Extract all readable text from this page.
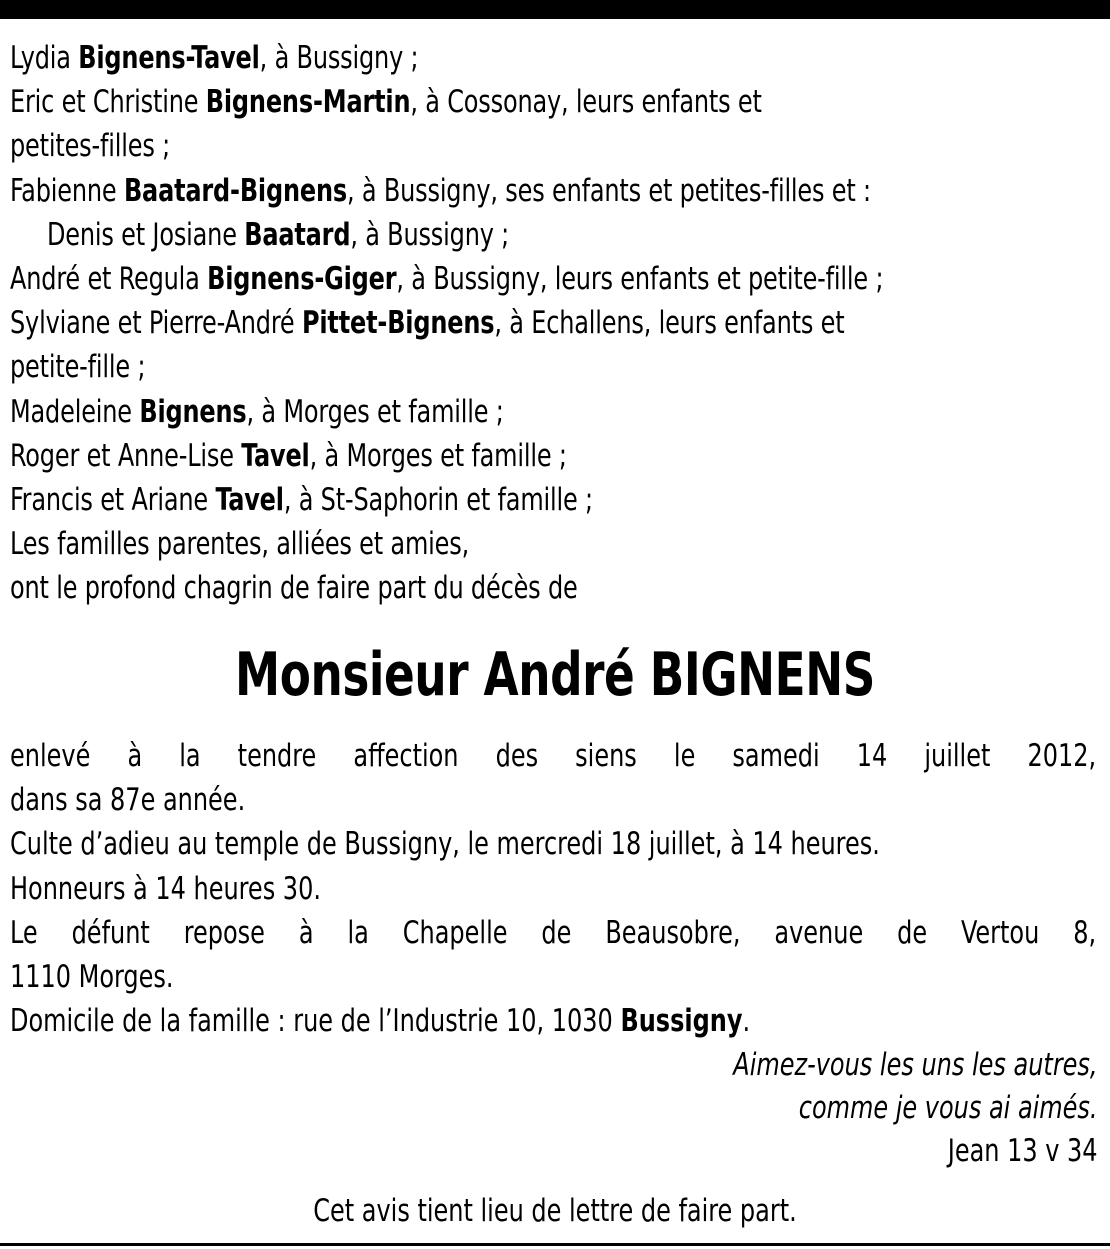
Lydia Bignens-Tavel, à Bussigny ;
Eric et Christine Bignens-Martin, à Cossonay, leurs enfants et
petites-filles ;
Fabienne Baatard-Bignens, à Bussigny, ses enfants et petites-filles et :
Denis et Josiane Baatard, à Bussigny ;
André et Regula Bignens-Giger, à Bussigny, leurs enfants et petite-fille ;
Sylviane et Pierre-André Pittet-Bignens, à Echallens, leurs enfants et
petite-fille ;
Madeleine Bignens, à Morges et famille ;
Roger et Anne-Lise Tavel, à Morges et famille ;
Francis et Ariane Tavel, à St-Saphorin et famille ;
Les familles parentes, alliées et amies,
ont le profond chagrin de faire part du décès de
Monsieur André BIGNENS
enlevé à la tendre affection des siens le samedi 14 juillet 2012,
dans sa 87e année.
Culte d’adieu au temple de Bussigny, le mercredi 18 juillet, à 14 heures.
Honneurs à 14 heures 30.
Le défunt repose à la Chapelle de Beausobre, avenue de Vertou 8,
1110 Morges.
Domicile de la famille : rue de l’Industrie 10, 1030 Bussigny.
Aimez-vous les uns les autres,
comme je vous ai aimés.
Jean 13 v 34
Cet avis tient lieu de lettre de faire part.
